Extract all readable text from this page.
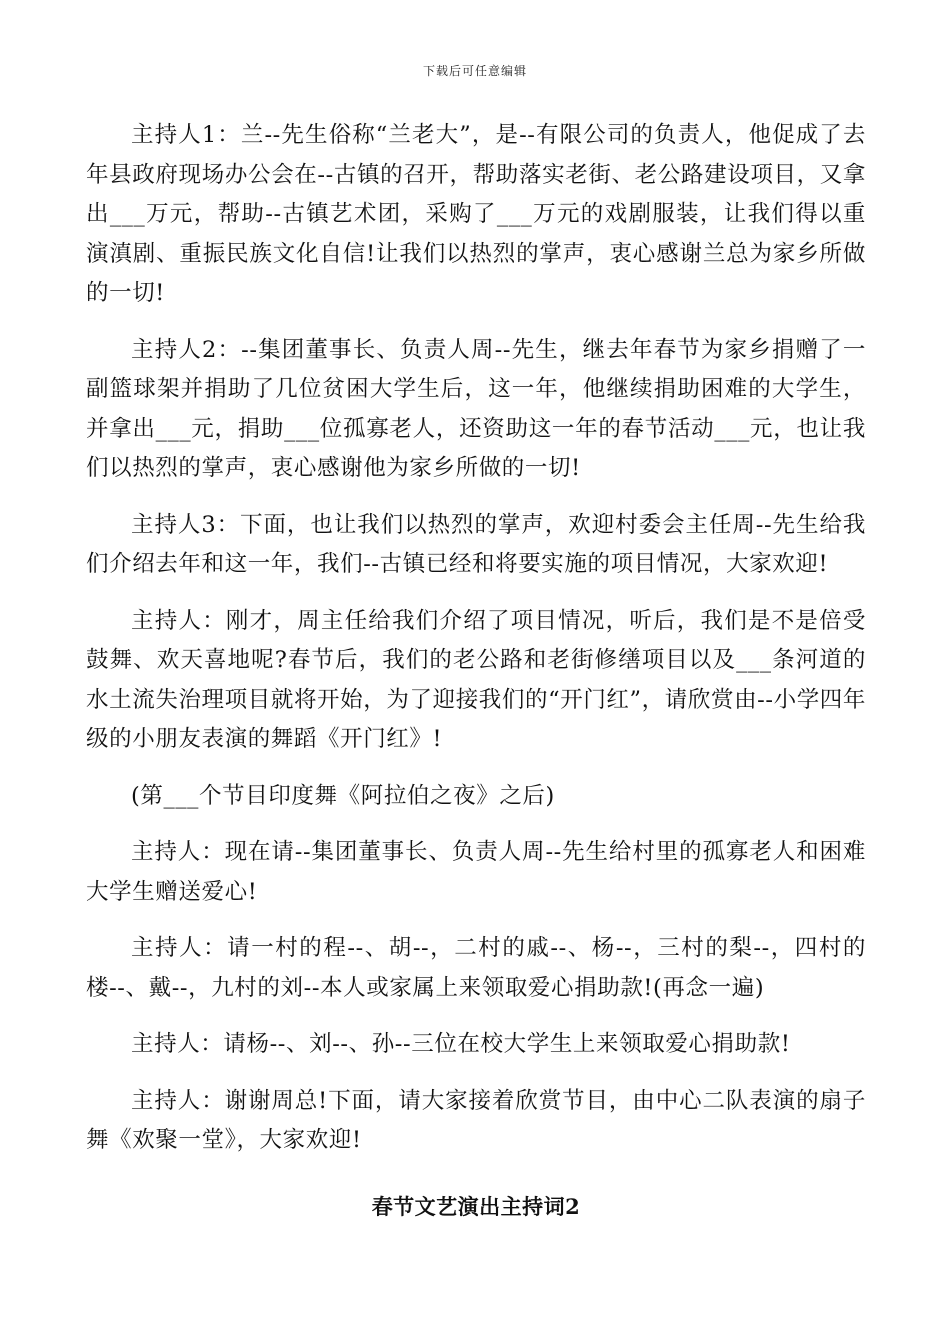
下载后可任意编辑

主持人1：兰--先生俗称“兰老大”，是--有限公司的负责人，他促成了去年县政府现场办公会在--古镇的召开，帮助落实老街、老公路建设项目，又拿出___万元，帮助--古镇艺术团，采购了___万元的戏剧服装，让我们得以重演滇剧、重振民族文化自信!让我们以热烈的掌声，衷心感谢兰总为家乡所做的一切!

主持人2：--集团董事长、负责人周--先生，继去年春节为家乡捐赠了一副篮球架并捐助了几位贫困大学生后，这一年，他继续捐助困难的大学生，并拿出___元，捐助___位孤寡老人，还资助这一年的春节活动___元，也让我们以热烈的掌声，衷心感谢他为家乡所做的一切!

主持人3：下面，也让我们以热烈的掌声，欢迎村委会主任周--先生给我们介绍去年和这一年，我们--古镇已经和将要实施的项目情况，大家欢迎!

主持人：刚才，周主任给我们介绍了项目情况，听后，我们是不是倍受鼓舞、欢天喜地呢?春节后，我们的老公路和老街修缮项目以及___条河道的水土流失治理项目就将开始，为了迎接我们的“开门红”，请欣赏由--小学四年级的小朋友表演的舞蹈《开门红》!

(第___个节目印度舞《阿拉伯之夜》之后)

主持人：现在请--集团董事长、负责人周--先生给村里的孤寡老人和困难大学生赠送爱心!

主持人：请一村的程--、胡--，二村的戚--、杨--，三村的梨--，四村的楼--、戴--，九村的刘--本人或家属上来领取爱心捐助款!(再念一遍)

主持人：请杨--、刘--、孙--三位在校大学生上来领取爱心捐助款!

主持人：谢谢周总!下面，请大家接着欣赏节目，由中心二队表演的扇子舞《欢聚一堂》，大家欢迎!

春节文艺演出主持词2
